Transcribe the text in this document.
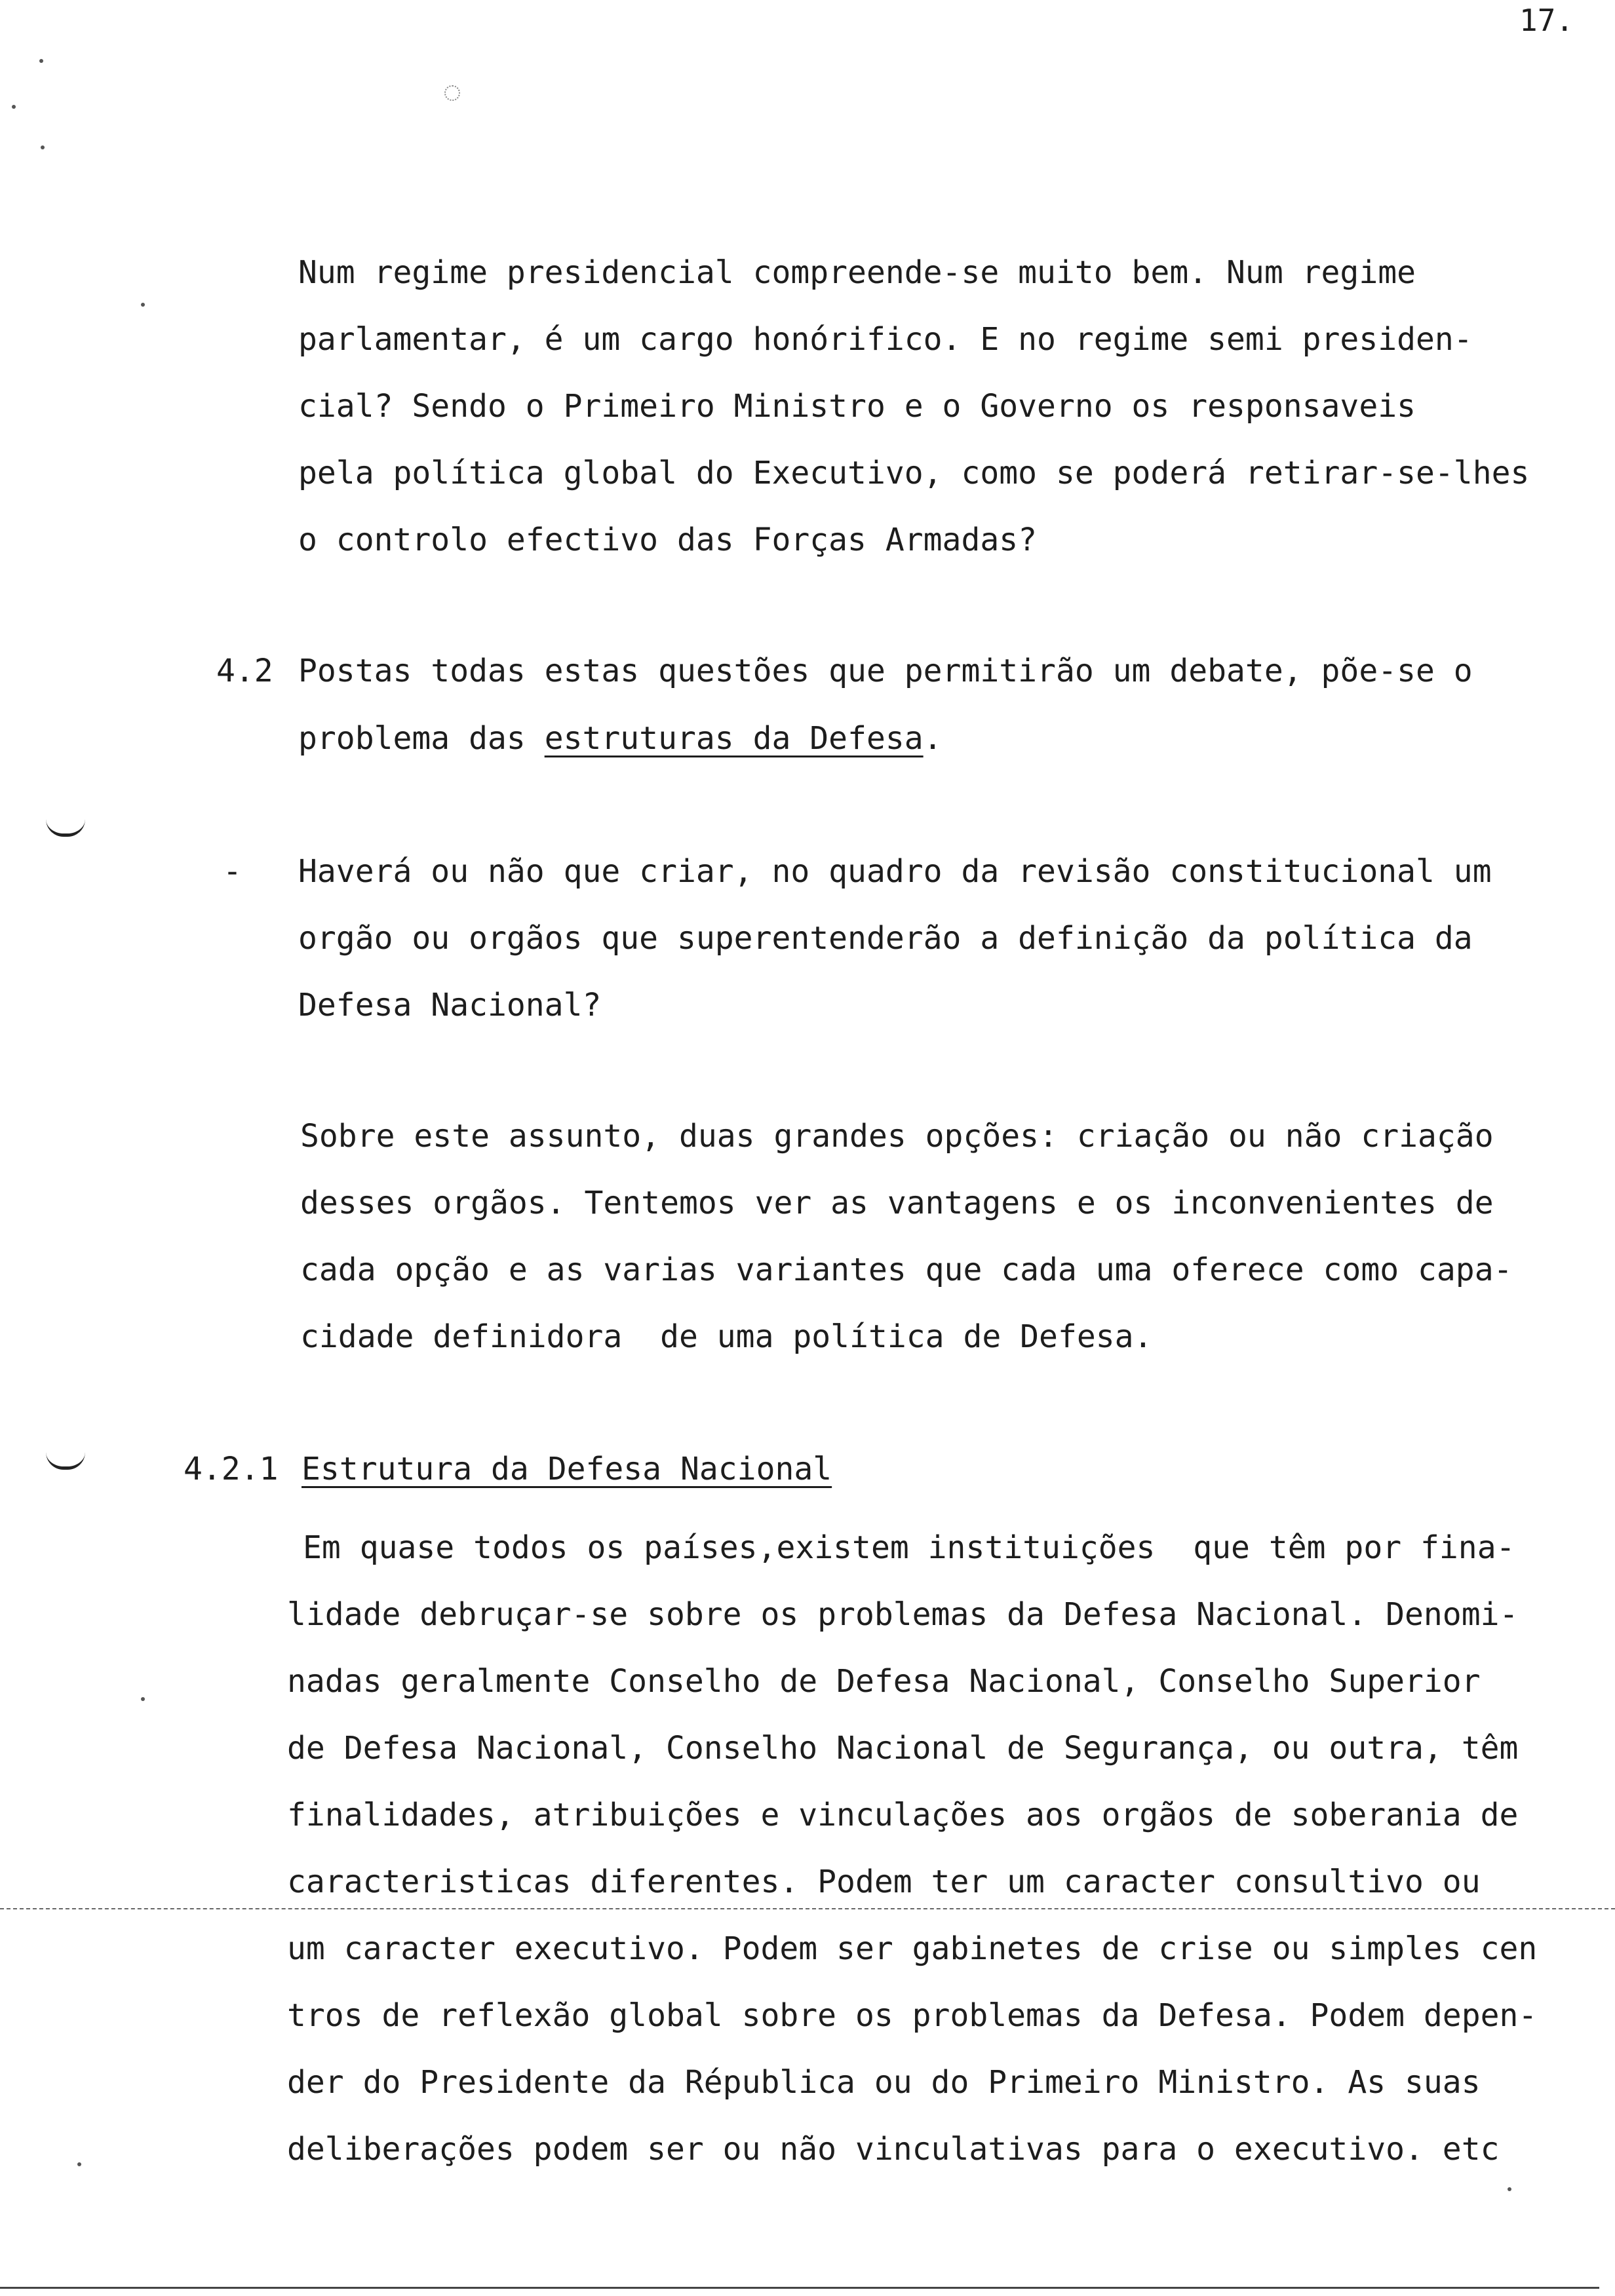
17.
Num regime presidencial compreende-se muito bem. Num regime
parlamentar, é um cargo honórifico. E no regime semi presiden-
cial? Sendo o Primeiro Ministro e o Governo os responsaveis
pela política global do Executivo, como se poderá retirar-se-lhes
o controlo efectivo das Forças Armadas?
4.2 Postas todas estas questões que permitirão um debate, põe-se o
problema das estruturas da Defesa.
- Haverá ou não que criar, no quadro da revisão constitucional um
orgão ou orgãos que superentenderão a definição da política da
Defesa Nacional?
Sobre este assunto, duas grandes opções: criação ou não criação
desses orgãos. Tentemos ver as vantagens e os inconvenientes de
cada opção e as varias variantes que cada uma oferece como capa-
cidade definidora  de uma política de Defesa.
4.2.1 Estrutura da Defesa Nacional
Em quase todos os países,existem instituições  que têm por fina-
lidade debruçar-se sobre os problemas da Defesa Nacional. Denomi-
nadas geralmente Conselho de Defesa Nacional, Conselho Superior
de Defesa Nacional, Conselho Nacional de Segurança, ou outra, têm
finalidades, atribuições e vinculações aos orgãos de soberania de
caracteristicas diferentes. Podem ter um caracter consultivo ou
um caracter executivo. Podem ser gabinetes de crise ou simples cen
tros de reflexão global sobre os problemas da Defesa. Podem depen-
der do Presidente da Républica ou do Primeiro Ministro. As suas
deliberações podem ser ou não vinculativas para o executivo. etc
